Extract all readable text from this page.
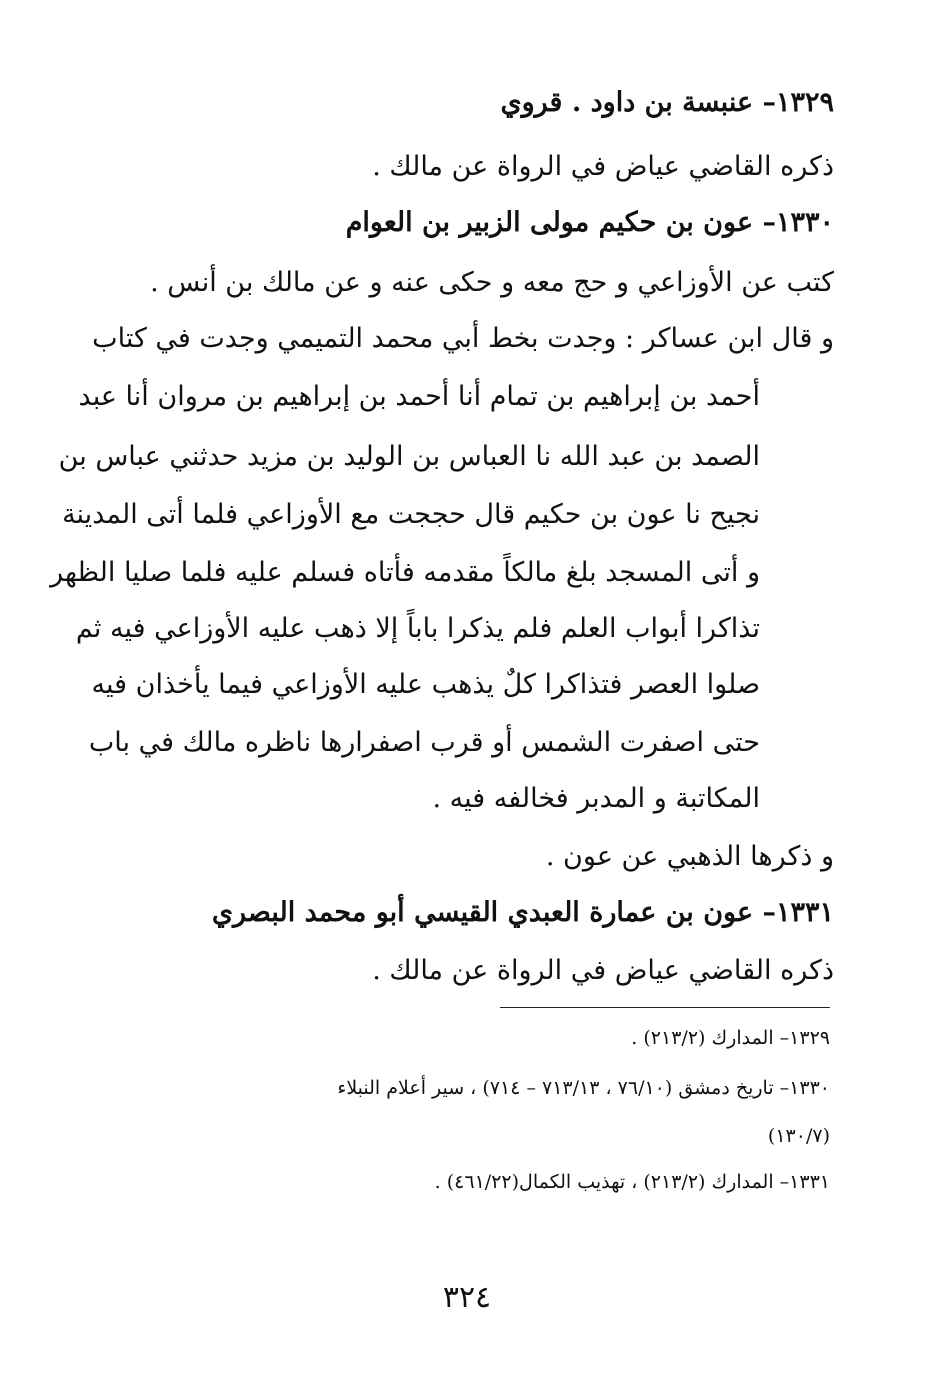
١٣٢٩– عنبسة بن داود . قروي
ذكره القاضي عياض في الرواة عن مالك .
١٣٣٠– عون بن حكيم مولى الزبير بن العوام
كتب عن الأوزاعي و حج معه و حكى عنه و عن مالك بن أنس .
و قال ابن عساكر : وجدت بخط أبي محمد التميمي وجدت في كتاب
أحمد بن إبراهيم بن تمام أنا أحمد بن إبراهيم بن مروان أنا عبد
الصمد بن عبد الله نا العباس بن الوليد بن مزيد حدثني عباس بن
نجيح نا عون بن حكيم قال حججت مع الأوزاعي فلما أتى المدينة
و أتى المسجد بلغ مالكاً مقدمه فأتاه فسلم عليه فلما صليا الظهر
تذاكرا أبواب العلم فلم يذكرا باباً إلا ذهب عليه الأوزاعي فيه ثم
صلوا العصر فتذاكرا كلٌ يذهب عليه الأوزاعي فيما يأخذان فيه
حتى اصفرت الشمس أو قرب اصفرارها ناظره مالك في باب
المكاتبة و المدبر فخالفه فيه .
و ذكرها الذهبي عن عون .
١٣٣١– عون بن عمارة العبدي القيسي أبو محمد البصري
ذكره القاضي عياض في الرواة عن مالك .
١٣٢٩– المدارك (٢١٣/٢) .
١٣٣٠– تاريخ دمشق (٧٦/١٠ ، ٧١٣/١٣ – ٧١٤) ، سير أعلام النبلاء
(١٣٠/٧)
١٣٣١– المدارك (٢١٣/٢) ، تهذيب الكمال(٤٦١/٢٢) .
٣٢٤
